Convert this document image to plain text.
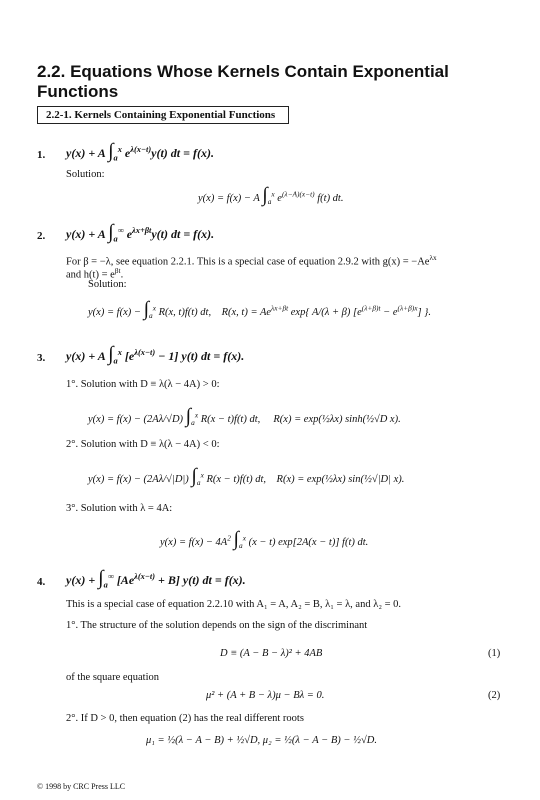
2.2. Equations Whose Kernels Contain Exponential Functions
2.2-1. Kernels Containing Exponential Functions
1. y(x) + A $\int_a^x$ $e^{\lambda(x-t)}y(t)$ dt = f(x).
Solution:
y(x) = f(x) − A $\int_a^x$ $e^{(\lambda-A)(x-t)}$ f(t) dt.
2. y(x) + A $\int_a^\infty$ $e^{\lambda x+\beta t}y(t)$ dt = f(x).
For β = −λ, see equation 2.2.1. This is a special case of equation 2.9.2 with $g(x) = -Ae^{\lambda x}$
and $h(t) = e^{\beta t}$.
Solution:
$y(x) = f(x) - \int_a^x$ R(x, t)f(t) dt,    R(x, $t) = Ae^{\lambda x+\beta t}$ exp{ A/(λ + β) $[e^{(\lambda+\beta)t} - e^{(\lambda+\beta)x}]$ }.
3. y(x) + A $\int_a^x$ $[e^{\lambda(x-t)} - 1]$ y(t) dt = f(x).
1°. Solution with D ≡ λ(λ − 4A) > 0:
y(x) = f(x) − (2Aλ/√D) $\int_a^x$ R(x − t)f(t) dt,     R(x) = exp(½λx) sinh(½√D x).
2°. Solution with D ≡ λ(λ − 4A) < 0:
y(x) = f(x) − (2Aλ/√|D|) $\int_a^x$ R(x − t)f(t) dt,    R(x) = exp(½λx) sin(½√|D| x).
3°. Solution with λ = 4A:
$y(x) = f(x) - 4A^2$ $\int_a^x$ (x − t) exp[2A(x − t)] f(t) dt.
4. $y(x) + \int_a^\infty$ $[Ae^{\lambda(x-t)} + B]$ y(t) dt = f(x).
This is a special case of equation 2.2.10 with A₁ = A, A₂ = B, λ₁ = λ, and λ₂ = 0.
1°. The structure of the solution depends on the sign of the discriminant
D ≡ (A − B − λ)² + 4AB	(1)
of the square equation
μ² + (A + B − λ)μ − Bλ = 0.	(2)
2°. If D > 0, then equation (2) has the real different roots
μ₁ = ½(λ − A − B) + ½√D, μ₂ = ½(λ − A − B) − ½√D.
© 1998 by CRC Press LLC
